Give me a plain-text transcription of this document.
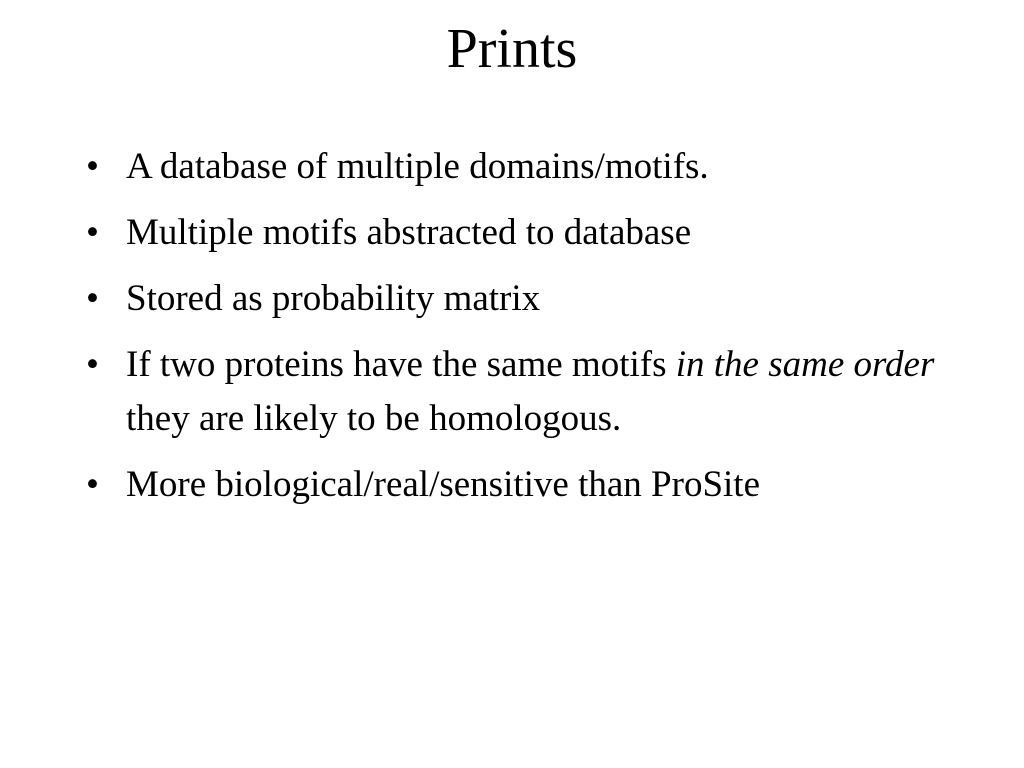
Prints
• A database of multiple domains/motifs.
• Multiple motifs abstracted to database
• Stored as probability matrix
• If two proteins have the same motifs in the same order they are likely to be homologous.
• More biological/real/sensitive than ProSite
